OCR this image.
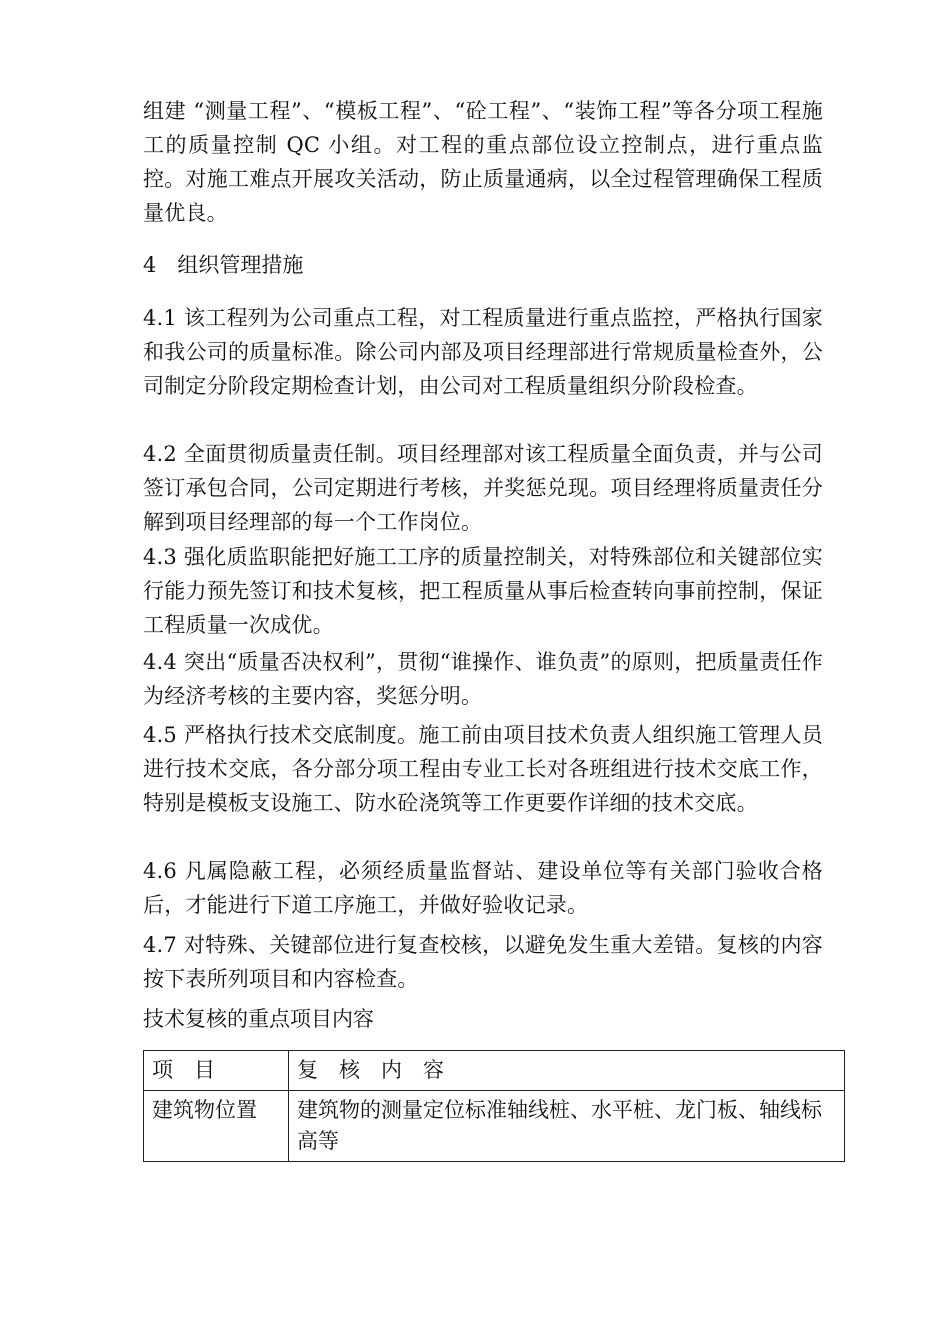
组建 “测量工程”、“模板工程”、“砼工程”、“装饰工程”等各分项工程施工的质量控制 QC 小组。对工程的重点部位设立控制点，进行重点监控。对施工难点开展攻关活动，防止质量通病，以全过程管理确保工程质量优良。

4　组织管理措施

4.1 该工程列为公司重点工程，对工程质量进行重点监控，严格执行国家和我公司的质量标准。除公司内部及项目经理部进行常规质量检查外，公司制定分阶段定期检查计划，由公司对工程质量组织分阶段检查。

4.2 全面贯彻质量责任制。项目经理部对该工程质量全面负责，并与公司签订承包合同，公司定期进行考核，并奖惩兑现。项目经理将质量责任分解到项目经理部的每一个工作岗位。

4.3 强化质监职能把好施工工序的质量控制关，对特殊部位和关键部位实行能力预先签订和技术复核，把工程质量从事后检查转向事前控制，保证工程质量一次成优。

4.4 突出“质量否决权利”，贯彻“谁操作、谁负责”的原则，把质量责任作为经济考核的主要内容，奖惩分明。

4.5 严格执行技术交底制度。施工前由项目技术负责人组织施工管理人员进行技术交底，各分部分项工程由专业工长对各班组进行技术交底工作，特别是模板支设施工、防水砼浇筑等工作更要作详细的技术交底。

4.6 凡属隐蔽工程，必须经质量监督站、建设单位等有关部门验收合格后，才能进行下道工序施工，并做好验收记录。

4.7 对特殊、关键部位进行复查校核，以避免发生重大差错。复核的内容按下表所列项目和内容检查。

技术复核的重点项目内容

项　目	复　核　内　容
建筑物位置	建筑物的测量定位标准轴线桩、水平桩、龙门板、轴线标高等
